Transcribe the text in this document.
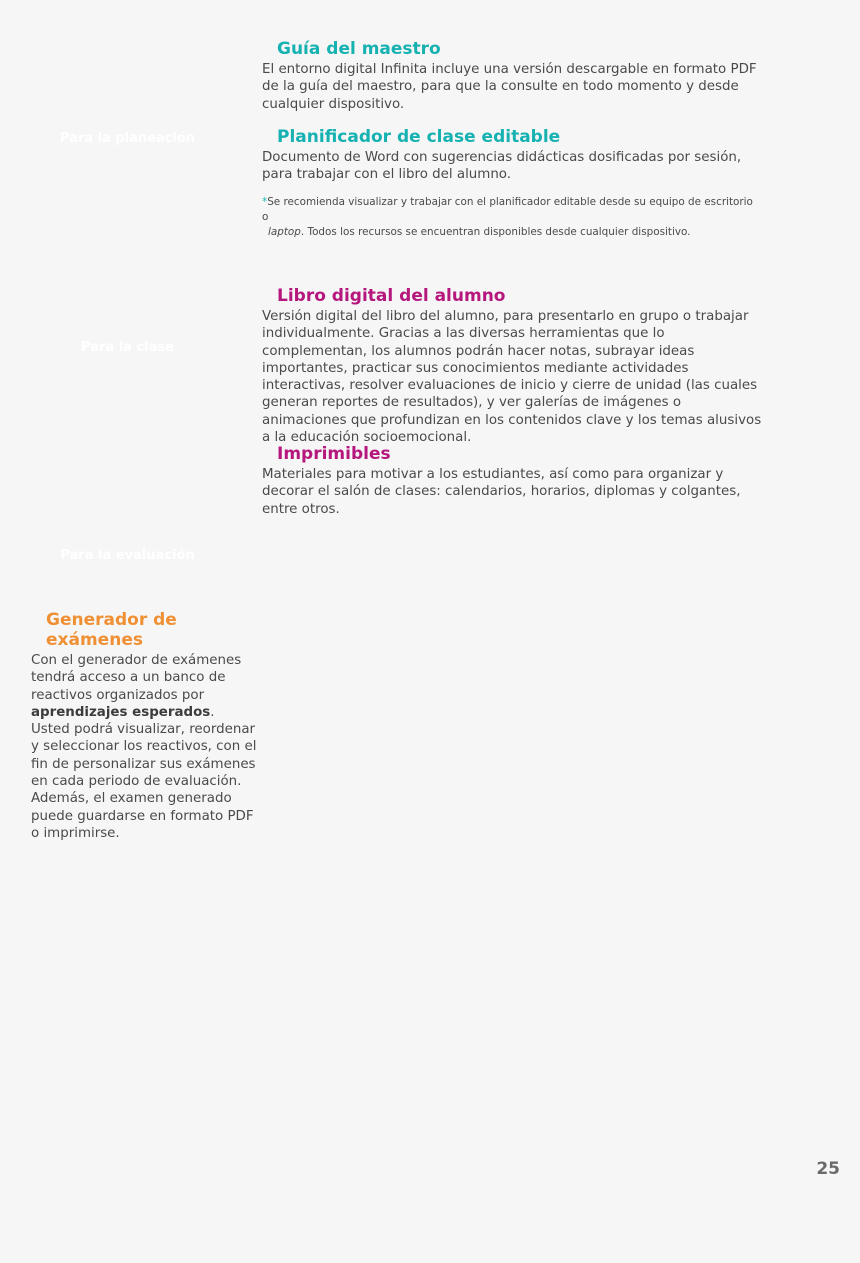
Para la planeación
Para la clase
Para la evaluación
Guía del maestro

El entorno digital Infinita incluye una versión descargable en formato PDF de la guía del maestro, para que la consulte en todo momento y desde cualquier dispositivo.

Planificador de clase editable

Documento de Word con sugerencias didácticas dosificadas por sesión, para trabajar con el libro del alumno.

*Se recomienda visualizar y trabajar con el planificador editable desde su equipo de escritorio o
laptop. Todos los recursos se encuentran disponibles desde cualquier dispositivo.

Libro digital del alumno

Versión digital del libro del alumno, para presentarlo en grupo o trabajar individualmente. Gracias a las diversas herramientas que lo complementan, los alumnos podrán hacer notas, subrayar ideas importantes, practicar sus conocimientos mediante actividades interactivas, resolver evaluaciones de inicio y cierre de unidad (las cuales generan reportes de resultados), y ver galerías de imágenes o animaciones que profundizan en los contenidos clave y los temas alusivos a la educación socioemocional.

Imprimibles

Materiales para motivar a los estudiantes, así como para organizar y decorar el salón de clases: calendarios, horarios, diplomas y colgantes, entre otros.

Generador de exámenes

Con el generador de exámenes tendrá acceso a un banco de reactivos organizados por aprendizajes esperados. Usted podrá visualizar, reordenar y seleccionar los reactivos, con el fin de personalizar sus exámenes en cada periodo de evaluación. Además, el examen generado puede guardarse en formato PDF o imprimirse.

25
